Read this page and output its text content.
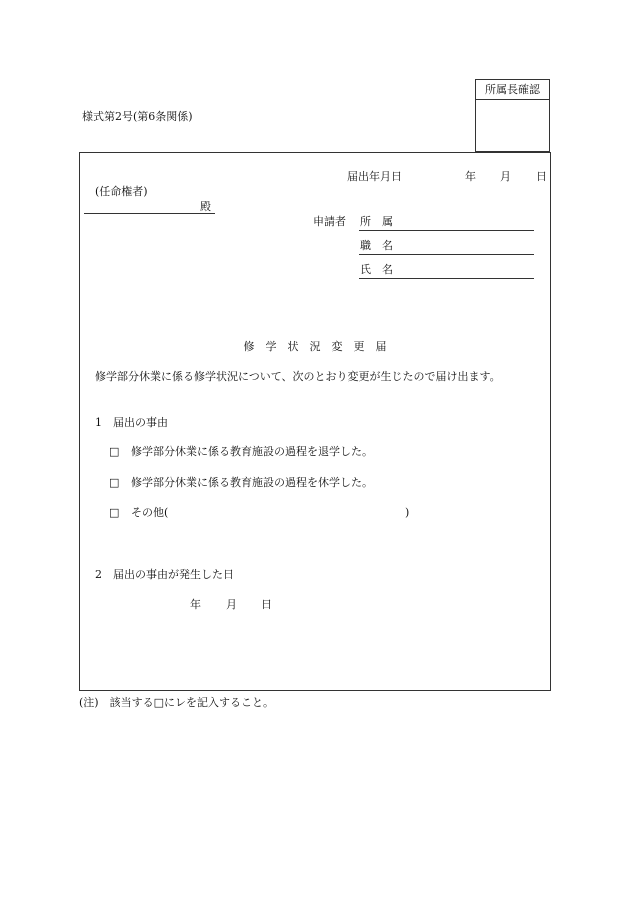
様式第2号(第6条関係)
所属長確認
届出年月日	年 月 日
(任命権者)
殿
申請者 所　属
職　名
氏　名
修　学　状　況　変　更　届
修学部分休業に係る修学状況について、次のとおり変更が生じたので届け出ます。
1　届出の事由
□ 修学部分休業に係る教育施設の過程を退学した。
□ 修学部分休業に係る教育施設の過程を休学した。
□ その他(	)
2　届出の事由が発生した日
年 月 日
(注)　該当する□にレを記入すること。
